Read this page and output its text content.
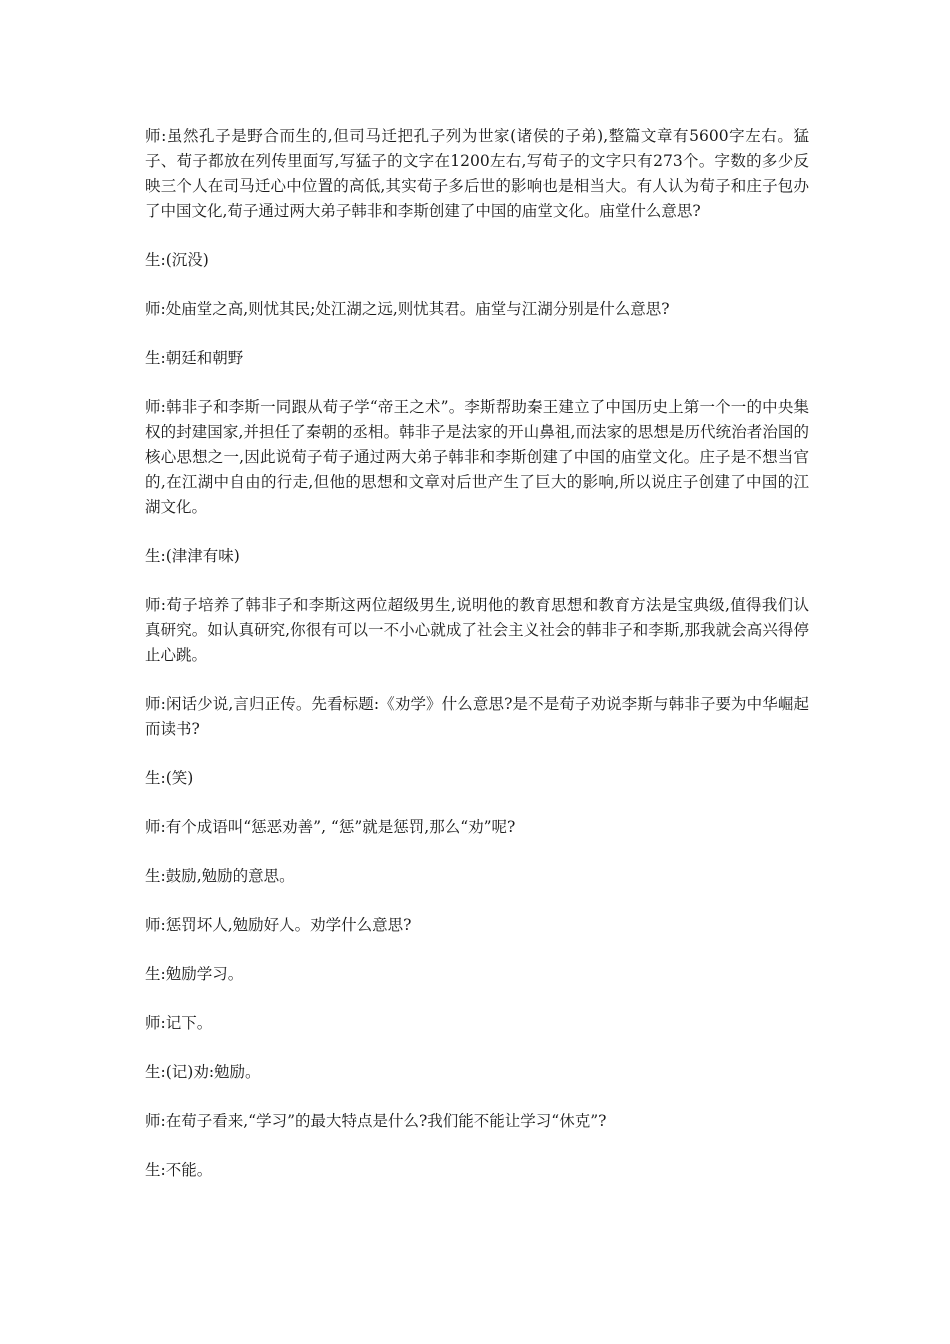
师:虽然孔子是野合而生的,但司马迁把孔子列为世家(诸侯的子弟),整篇文章有5600字左右。猛子、荀子都放在列传里面写,写猛子的文字在1200左右,写荀子的文字只有273个。字数的多少反映三个人在司马迁心中位置的高低,其实荀子多后世的影响也是相当大。有人认为荀子和庄子包办了中国文化,荀子通过两大弟子韩非和李斯创建了中国的庙堂文化。庙堂什么意思?

生:(沉没)

师:处庙堂之高,则忧其民;处江湖之远,则忧其君。庙堂与江湖分别是什么意思?

生:朝廷和朝野

师:韩非子和李斯一同跟从荀子学“帝王之术”。李斯帮助秦王建立了中国历史上第一个一的中央集权的封建国家,并担任了秦朝的丞相。韩非子是法家的开山鼻祖,而法家的思想是历代统治者治国的核心思想之一,因此说荀子荀子通过两大弟子韩非和李斯创建了中国的庙堂文化。庄子是不想当官的,在江湖中自由的行走,但他的思想和文章对后世产生了巨大的影响,所以说庄子创建了中国的江湖文化。

生:(津津有味)

师:荀子培养了韩非子和李斯这两位超级男生,说明他的教育思想和教育方法是宝典级,值得我们认真研究。如认真研究,你很有可以一不小心就成了社会主义社会的韩非子和李斯,那我就会高兴得停止心跳。

师:闲话少说,言归正传。先看标题:《劝学》什么意思?是不是荀子劝说李斯与韩非子要为中华崛起而读书?

生:(笑)

师:有个成语叫“惩恶劝善”, “惩”就是惩罚,那么“劝”呢?

生:鼓励,勉励的意思。

师:惩罚坏人,勉励好人。劝学什么意思?

生:勉励学习。

师:记下。

生:(记)劝:勉励。

师:在荀子看来,“学习”的最大特点是什么?我们能不能让学习“休克”?

生:不能。
